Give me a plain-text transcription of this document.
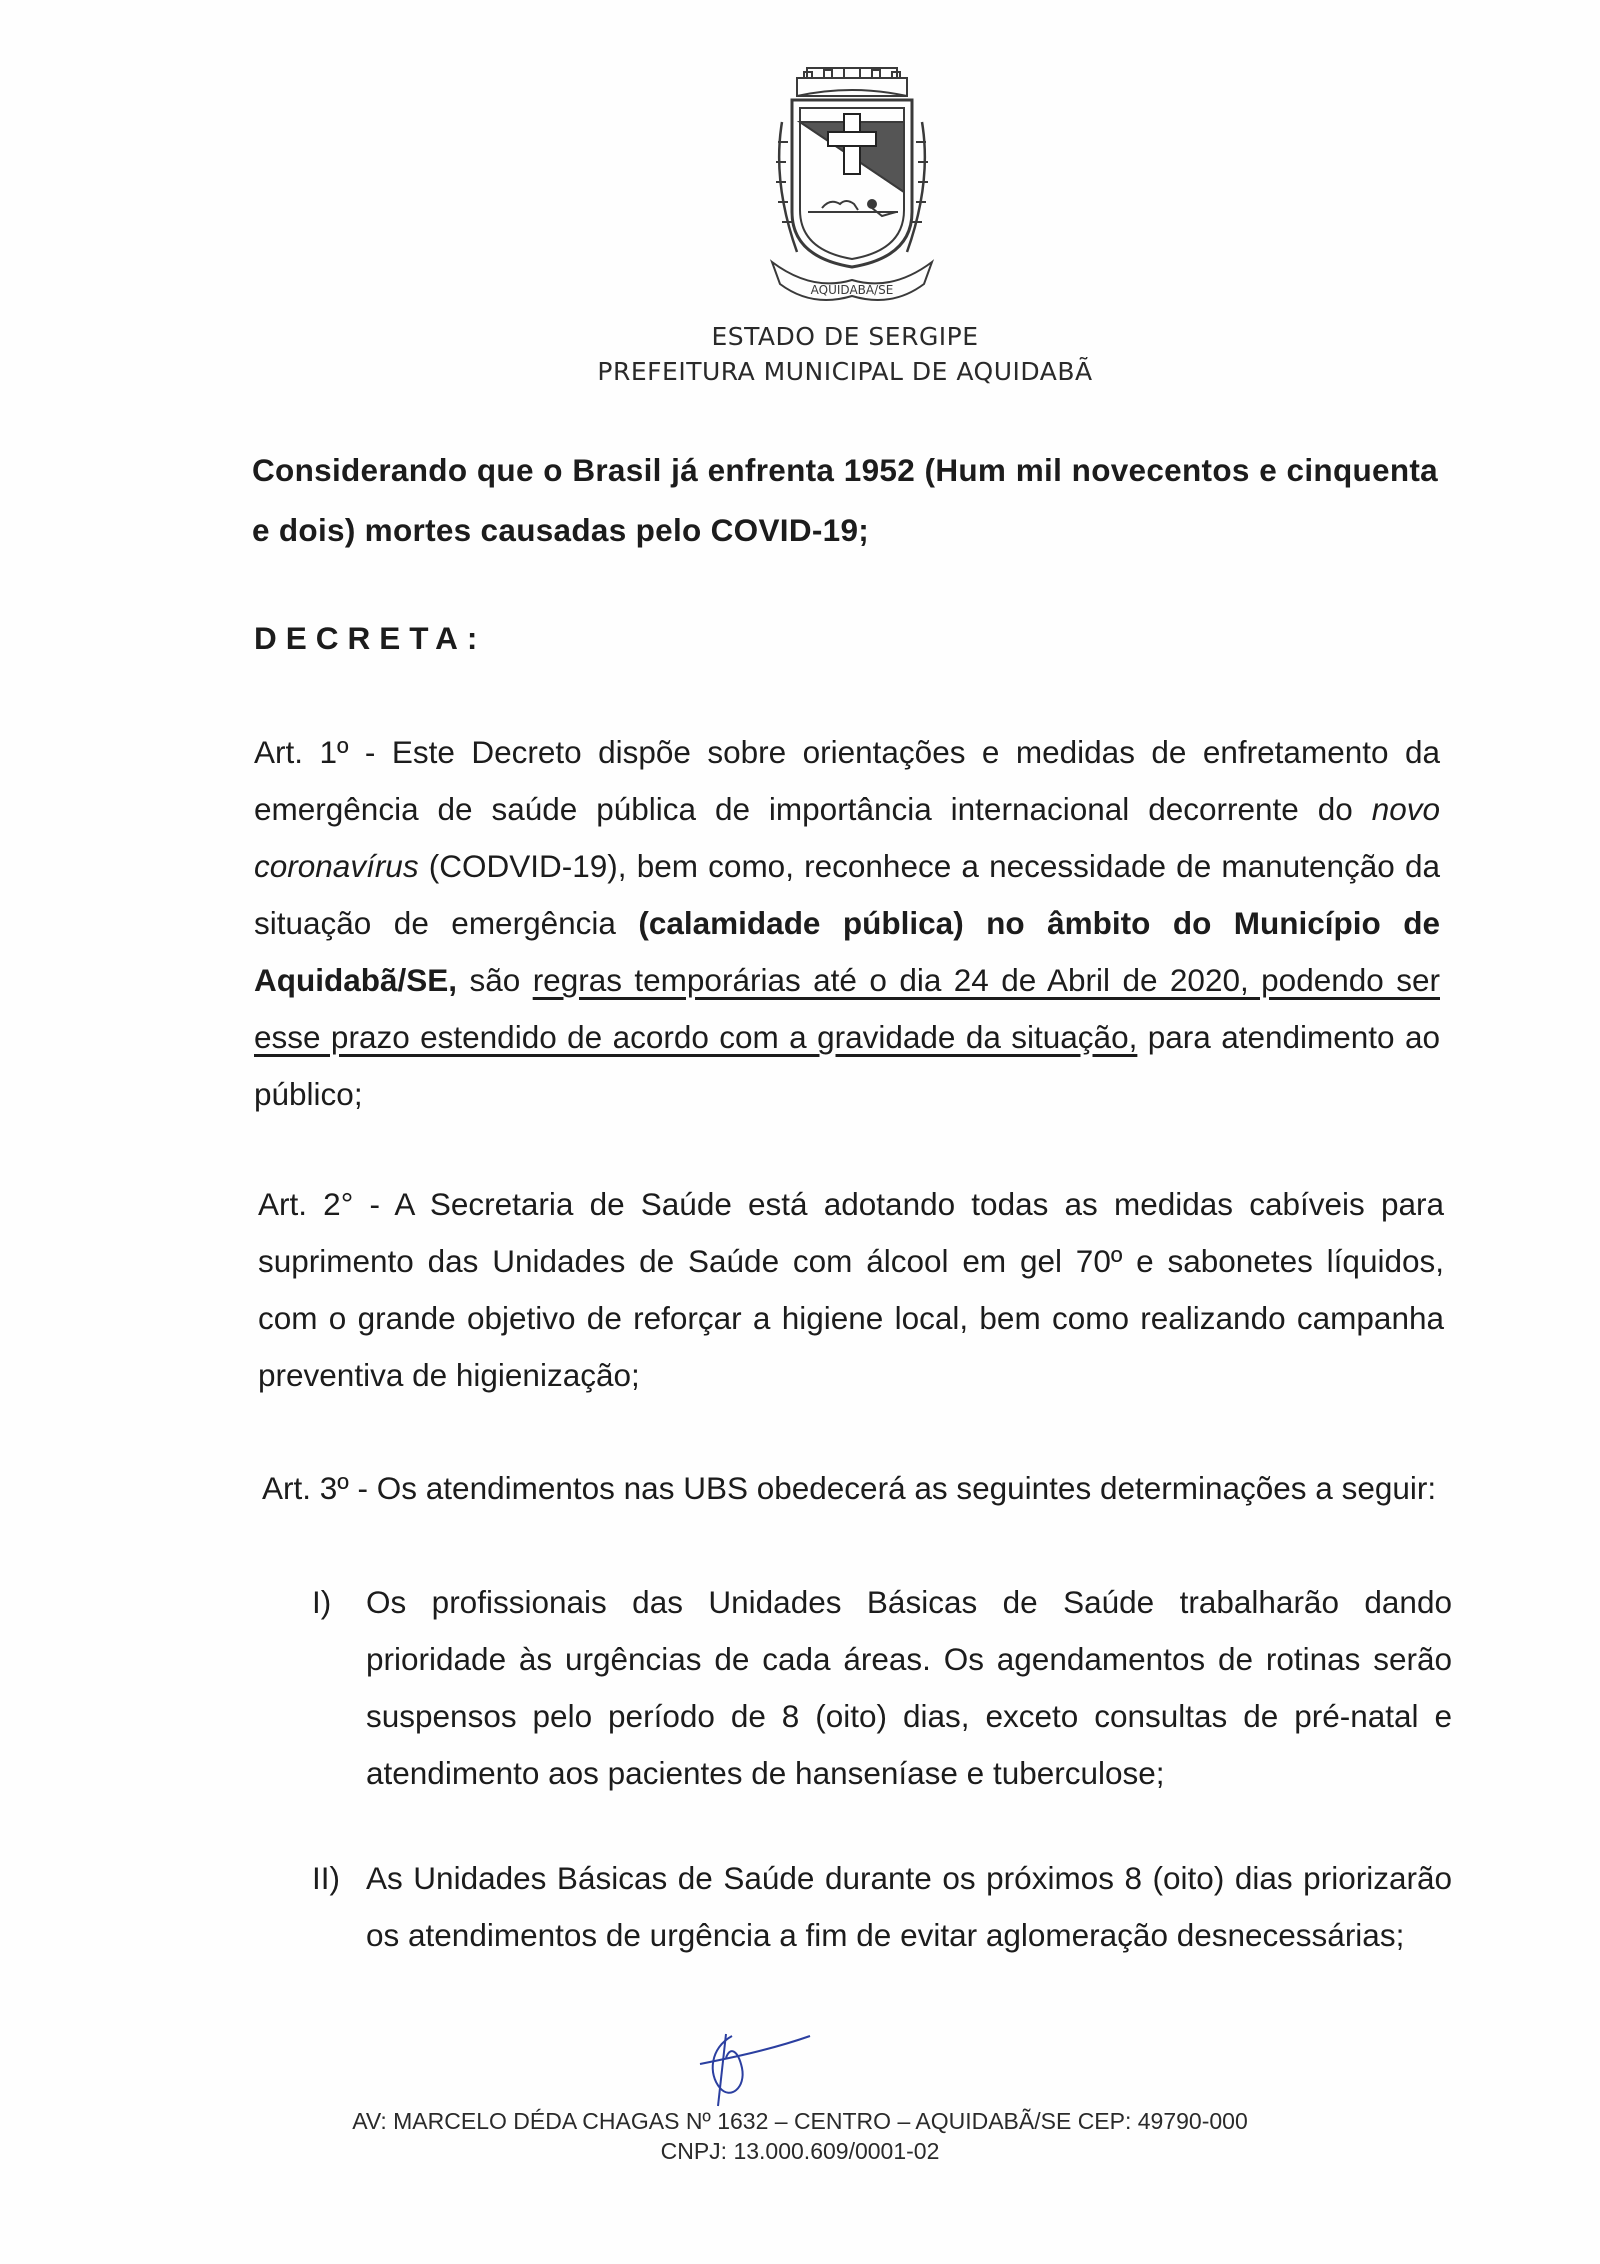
AQUIDABÃ/SE
ESTADO DE SERGIPE
PREFEITURA MUNICIPAL DE AQUIDABÃ
Considerando que o Brasil já enfrenta 1952 (Hum mil novecentos e cinquenta e dois) mortes causadas pelo COVID-19;
DECRETA:
Art. 1º - Este Decreto dispõe sobre orientações e medidas de enfretamento da emergência de saúde pública de importância internacional decorrente do novo coronavírus (CODVID-19), bem como, reconhece a necessidade de manutenção da situação de emergência (calamidade pública) no âmbito do Município de Aquidabã/SE, são regras temporárias até o dia 24 de Abril de 2020, podendo ser esse prazo estendido de acordo com a gravidade da situação, para atendimento ao público;
Art. 2° - A Secretaria de Saúde está adotando todas as medidas cabíveis para suprimento das Unidades de Saúde com álcool em gel 70º e sabonetes líquidos, com o grande objetivo de reforçar a higiene local, bem como realizando campanha preventiva de higienização;
Art. 3º - Os atendimentos nas UBS obedecerá as seguintes determinações a seguir:
I)	Os profissionais das Unidades Básicas de Saúde trabalharão dando prioridade às urgências de cada áreas. Os agendamentos de rotinas serão suspensos pelo período de 8 (oito) dias, exceto consultas de pré-natal e atendimento aos pacientes de hanseníase e tuberculose;
II) As Unidades Básicas de Saúde durante os próximos 8 (oito) dias priorizarão os atendimentos de urgência a fim de evitar aglomeração desnecessárias;
AV: MARCELO DÉDA CHAGAS Nº 1632 – CENTRO – AQUIDABÃ/SE CEP: 49790-000
CNPJ: 13.000.609/0001-02
